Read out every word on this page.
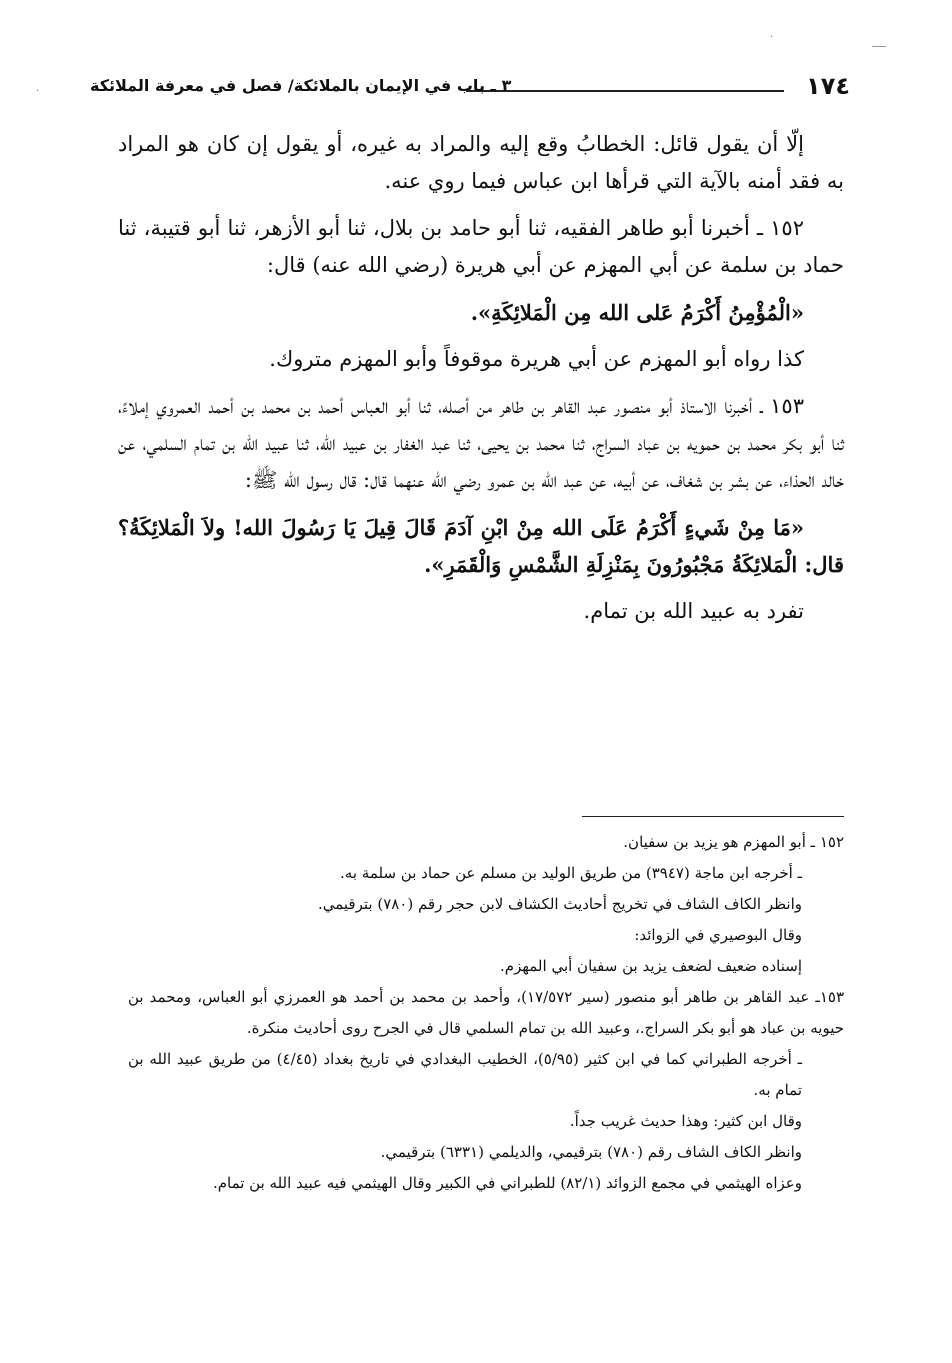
·
·	١٧٤
٣ ـ باب في الإيمان بالملائكة/ فصل في معرفة الملائكة

إلّا أن يقول قائل: الخطابُ وقع إليه والمراد به غيره، أو يقول إن كان هو المراد به فقد أمنه بالآية التي قرأها ابن عباس فيما روي عنه.

١٥٢ ـ أخبرنا أبو طاهر الفقيه، ثنا أبو حامد بن بلال، ثنا أبو الأزهر، ثنا أبو قتيبة، ثنا حماد بن سلمة عن أبي المهزم عن أبي هريرة (رضي الله عنه) قال:

«الْمُؤْمِنُ أَكْرَمُ عَلى الله مِن الْمَلائِكَةِ».

كذا رواه أبو المهزم عن أبي هريرة موقوفاً وأبو المهزم متروك.

١٥٣ ـ أخبرنا الاستاذ أبو منصور عبد القاهر بن طاهر من أصله، ثنا أبو العباس أحمد بن محمد بن أحمد العمروي إملاءً، ثنا أبو بكر محمد بن حمويه بن عباد السراج، ثنا محمد بن يحيى، ثنا عبد الغفار بن عبيد الله، ثنا عبيد الله بن تمام السلمي، عن خالد الحذاء، عن بشر بن شغاف، عن أبيه، عن عبد الله بن عمرو رضي الله عنهما قال: قال رسول الله ﷺ:

«مَا مِنْ شَيءٍ أَكْرَمُ عَلَى الله مِنْ ابْنِ آدَمَ قَالَ قِيلَ يَا رَسُولَ الله! ولاَ الْمَلائِكَةُ؟ قال: الْمَلائِكَةُ مَجْبُورُونَ بِمَنْزِلَةِ الشَّمْسِ وَالْقَمَرِ».

تفرد به عبيد الله بن تمام.

١٥٢ ـ أبو المهزم هو يزيد بن سفيان.

ـ أخرجه ابن ماجة (٣٩٤٧) من طريق الوليد بن مسلم عن حماد بن سلمة به.

وانظر الكاف الشاف في تخريج أحاديث الكشاف لابن حجر رقم (٧٨٠) بترقيمي.

وقال البوصيري في الزوائد:

إسناده ضعيف لضعف يزيد بن سفيان أبي المهزم.

١٥٣ـ عبد القاهر بن طاهر أبو منصور (سير ١٧/٥٧٢)، وأحمد بن محمد بن أحمد هو العمرزي أبو العباس، ومحمد بن حيويه بن عباد هو أبو بكر السراج.، وعبيد الله بن تمام السلمي قال في الجرح روى أحاديث منكرة.

ـ أخرجه الطبراني كما في ابن كثير (٥/٩٥)، الخطيب البغدادي في تاريخ بغداد (٤/٤٥) من طريق عبيد الله بن تمام به.

وقال ابن كثير: وهذا حديث غريب جداً.

وانظر الكاف الشاف رقم (٧٨٠) بترقيمي، والديلمي (٦٣٣١) بترقيمي.

وعزاه الهيثمي في مجمع الزوائد (٨٢/١) للطبراني في الكبير وقال الهيثمي فيه عبيد الله بن تمام.
